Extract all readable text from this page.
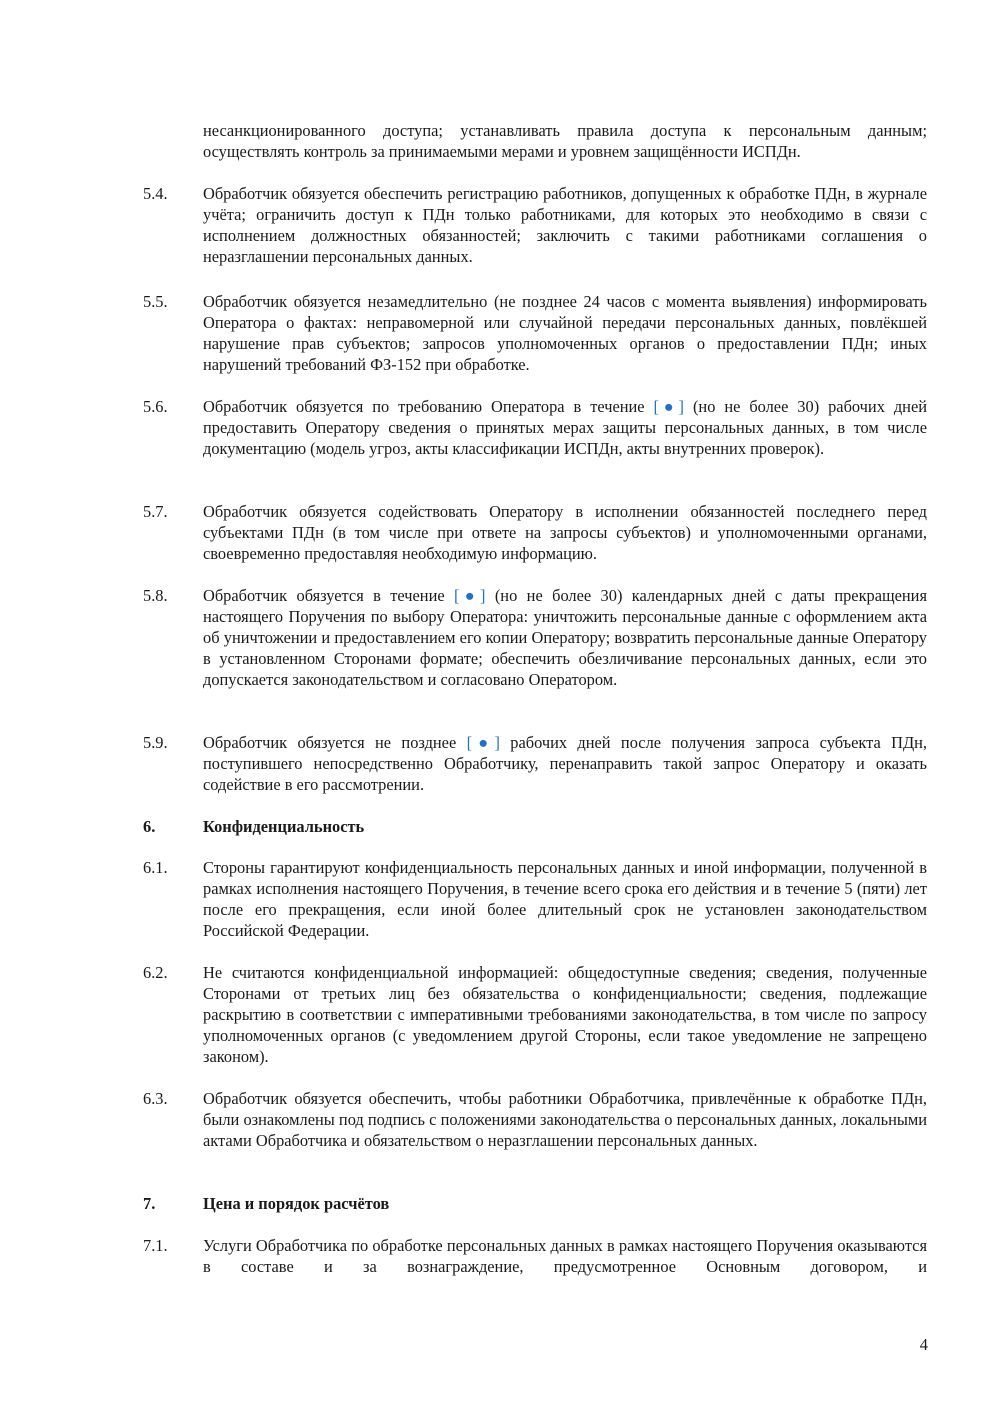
несанкционированного доступа; устанавливать правила доступа к персональным данным; осуществлять контроль за принимаемыми мерами и уровнем защищённости ИСПДн.

5.4. Обработчик обязуется обеспечить регистрацию работников, допущенных к обработке ПДн, в журнале учёта; ограничить доступ к ПДн только работниками, для которых это необходимо в связи с исполнением должностных обязанностей; заключить с такими работниками соглашения о неразглашении персональных данных.

5.5. Обработчик обязуется незамедлительно (не позднее 24 часов с момента выявления) информировать Оператора о фактах: неправомерной или случайной передачи персональных данных, повлёкшей нарушение прав субъектов; запросов уполномоченных органов о предоставлении ПДн; иных нарушений требований ФЗ-152 при обработке.

5.6. Обработчик обязуется по требованию Оператора в течение [●] (но не более 30) рабочих дней предоставить Оператору сведения о принятых мерах защиты персональных данных, в том числе документацию (модель угроз, акты классификации ИСПДн, акты внутренних проверок).

5.7. Обработчик обязуется содействовать Оператору в исполнении обязанностей последнего перед субъектами ПДн (в том числе при ответе на запросы субъектов) и уполномоченными органами, своевременно предоставляя необходимую информацию.

5.8. Обработчик обязуется в течение [●] (но не более 30) календарных дней с даты прекращения настоящего Поручения по выбору Оператора: уничтожить персональные данные с оформлением акта об уничтожении и предоставлением его копии Оператору; возвратить персональные данные Оператору в установленном Сторонами формате; обеспечить обезличивание персональных данных, если это допускается законодательством и согласовано Оператором.

5.9. Обработчик обязуется не позднее [●] рабочих дней после получения запроса субъекта ПДн, поступившего непосредственно Обработчику, перенаправить такой запрос Оператору и оказать содействие в его рассмотрении.

6.	Конфиденциальность

6.1. Стороны гарантируют конфиденциальность персональных данных и иной информации, полученной в рамках исполнения настоящего Поручения, в течение всего срока его действия и в течение 5 (пяти) лет после его прекращения, если иной более длительный срок не установлен законодательством Российской Федерации.

6.2. Не считаются конфиденциальной информацией: общедоступные сведения; сведения, полученные Сторонами от третьих лиц без обязательства о конфиденциальности; сведения, подлежащие раскрытию в соответствии с императивными требованиями законодательства, в том числе по запросу уполномоченных органов (с уведомлением другой Стороны, если такое уведомление не запрещено законом).

6.3. Обработчик обязуется обеспечить, чтобы работники Обработчика, привлечённые к обработке ПДн, были ознакомлены под подпись с положениями законодательства о персональных данных, локальными актами Обработчика и обязательством о неразглашении персональных данных.

7.	Цена и порядок расчётов

7.1. Услуги Обработчика по обработке персональных данных в рамках настоящего Поручения оказываются в составе и за вознаграждение, предусмотренное Основным договором, и

4
